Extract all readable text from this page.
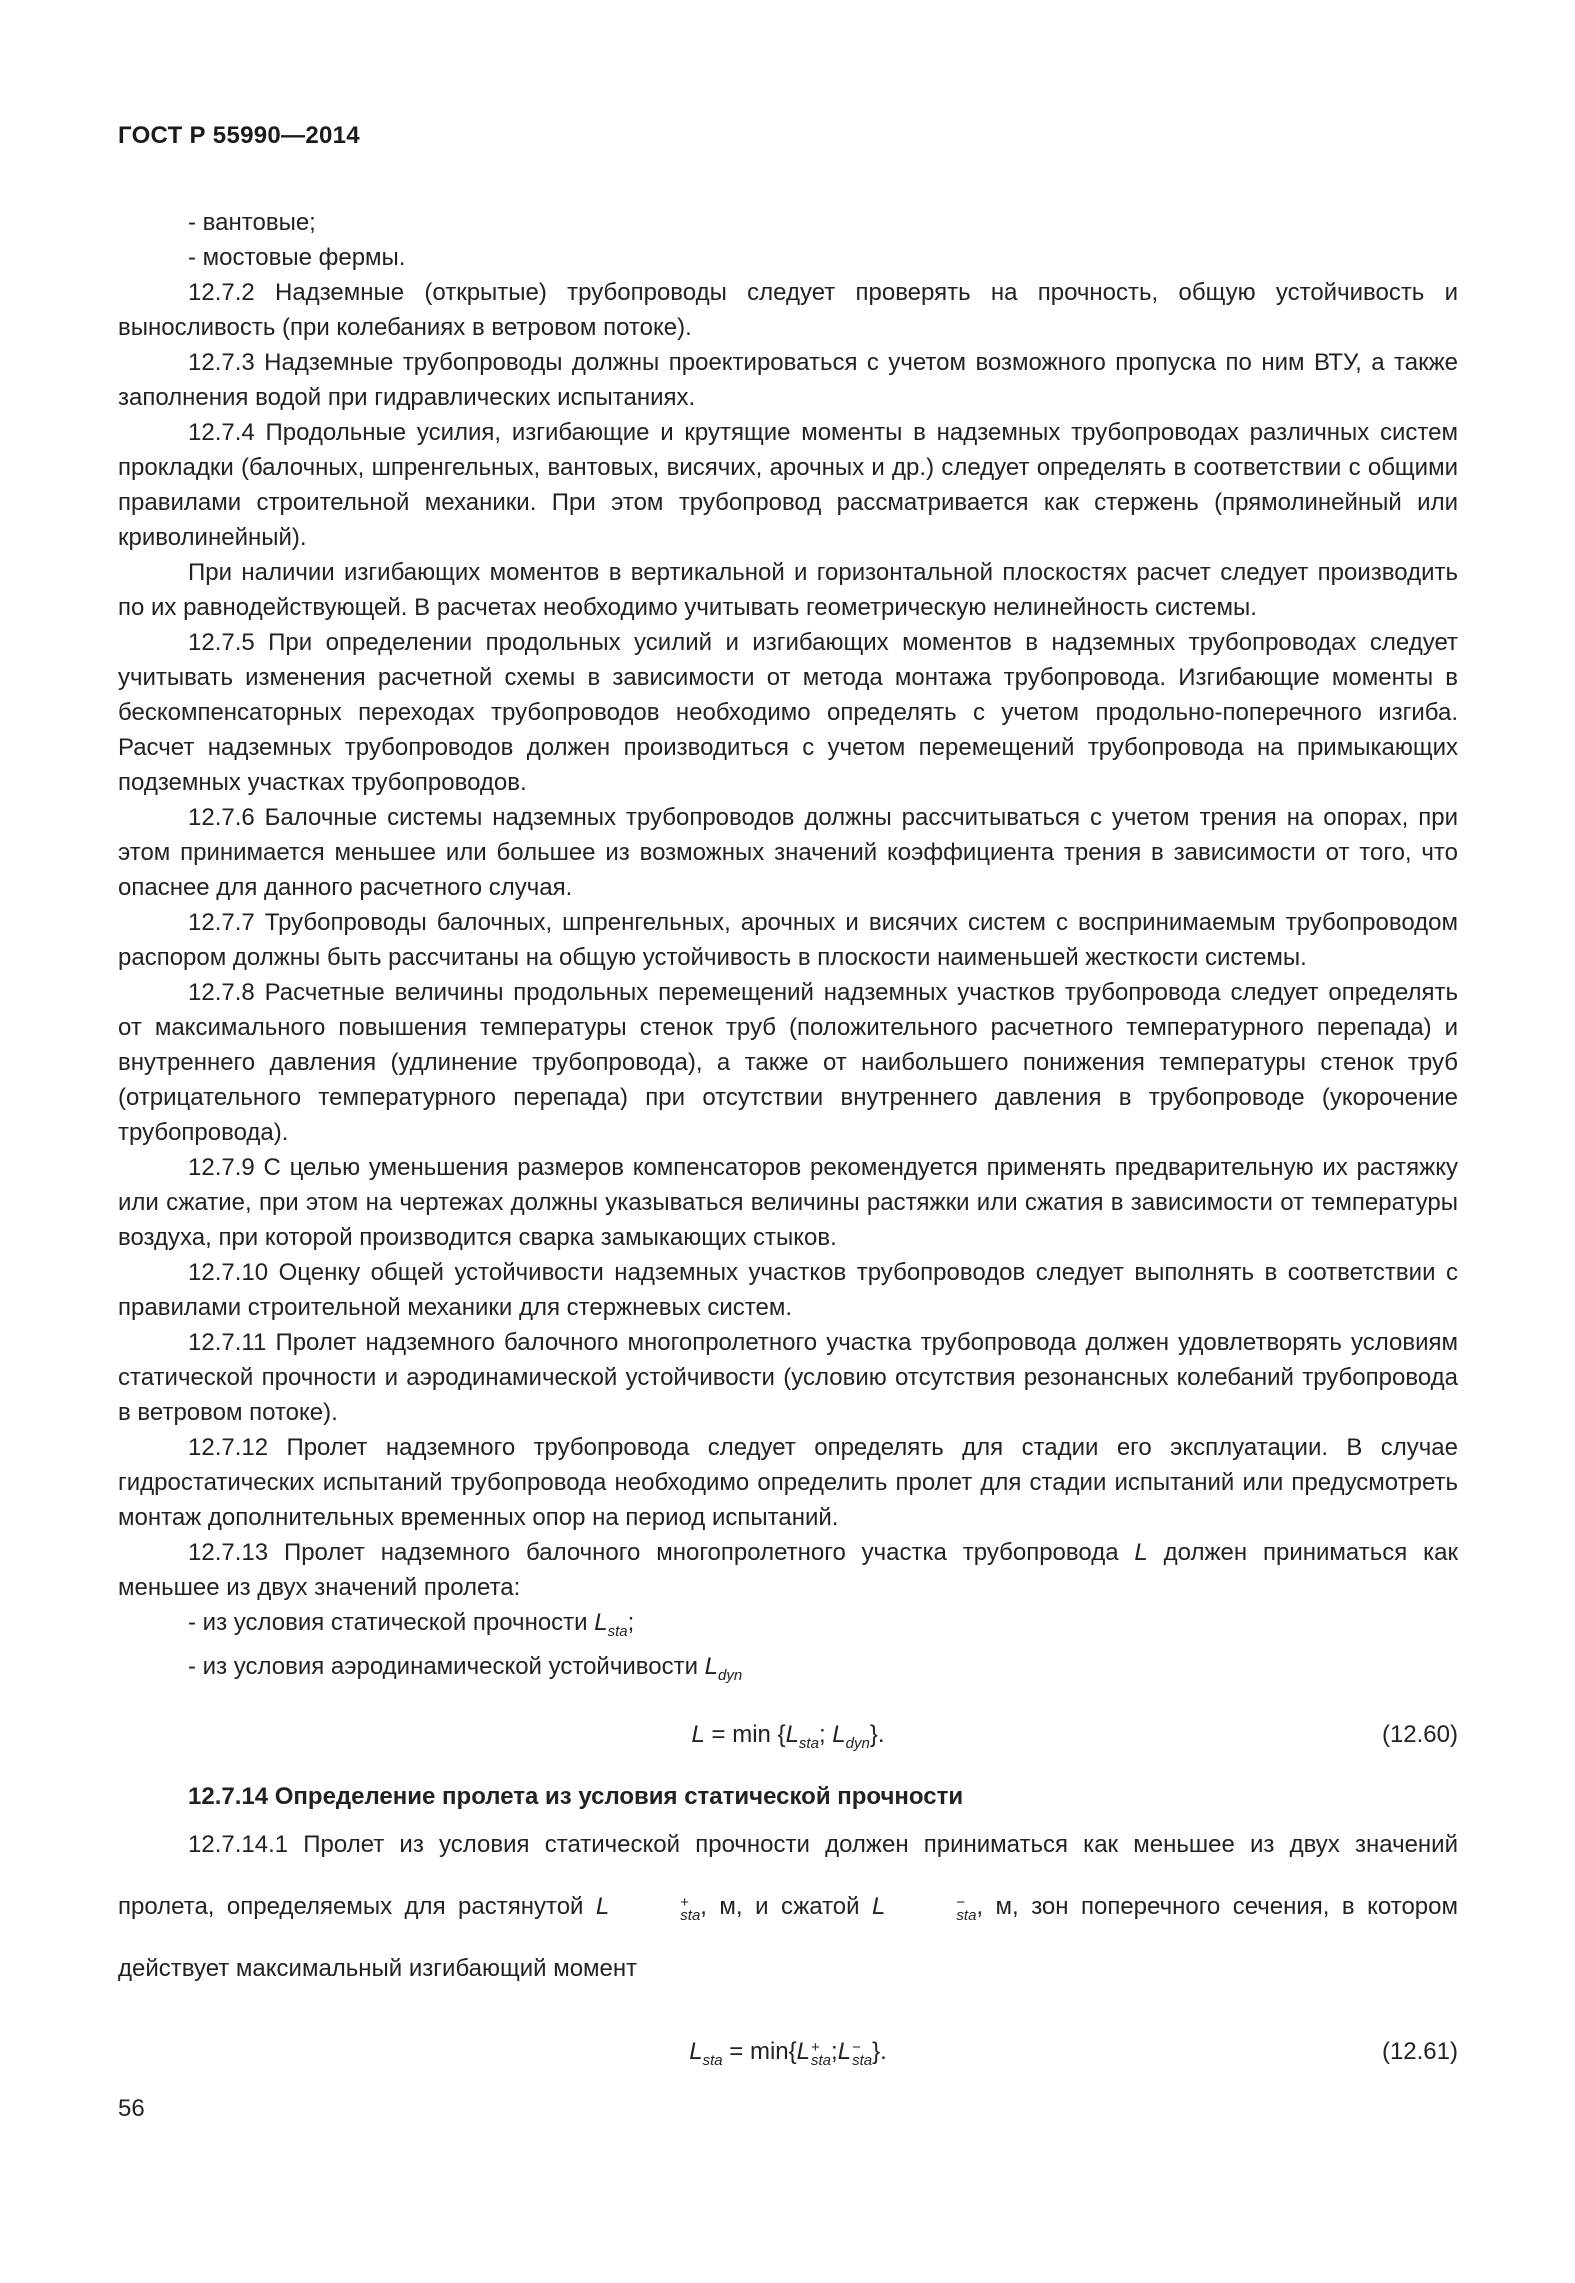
ГОСТ Р 55990—2014
- вантовые;
- мостовые фермы.

12.7.2 Надземные (открытые) трубопроводы следует проверять на прочность, общую устойчивость и выносливость (при колебаниях в ветровом потоке).

12.7.3 Надземные трубопроводы должны проектироваться с учетом возможного пропуска по ним ВТУ, а также заполнения водой при гидравлических испытаниях.

12.7.4 Продольные усилия, изгибающие и крутящие моменты в надземных трубопроводах различных систем прокладки (балочных, шпренгельных, вантовых, висячих, арочных и др.) следует определять в соответствии с общими правилами строительной механики. При этом трубопровод рассматривается как стержень (прямолинейный или криволинейный).

При наличии изгибающих моментов в вертикальной и горизонтальной плоскостях расчет следует производить по их равнодействующей. В расчетах необходимо учитывать геометрическую нелинейность системы.

12.7.5 При определении продольных усилий и изгибающих моментов в надземных трубопроводах следует учитывать изменения расчетной схемы в зависимости от метода монтажа трубопровода. Изгибающие моменты в бескомпенсаторных переходах трубопроводов необходимо определять с учетом продольно-поперечного изгиба. Расчет надземных трубопроводов должен производиться с учетом перемещений трубопровода на примыкающих подземных участках трубопроводов.

12.7.6 Балочные системы надземных трубопроводов должны рассчитываться с учетом трения на опорах, при этом принимается меньшее или большее из возможных значений коэффициента трения в зависимости от того, что опаснее для данного расчетного случая.

12.7.7 Трубопроводы балочных, шпренгельных, арочных и висячих систем с воспринимаемым трубопроводом распором должны быть рассчитаны на общую устойчивость в плоскости наименьшей жесткости системы.

12.7.8 Расчетные величины продольных перемещений надземных участков трубопровода следует определять от максимального повышения температуры стенок труб (положительного расчетного температурного перепада) и внутреннего давления (удлинение трубопровода), а также от наибольшего понижения температуры стенок труб (отрицательного температурного перепада) при отсутствии внутреннего давления в трубопроводе (укорочение трубопровода).

12.7.9 С целью уменьшения размеров компенсаторов рекомендуется применять предварительную их растяжку или сжатие, при этом на чертежах должны указываться величины растяжки или сжатия в зависимости от температуры воздуха, при которой производится сварка замыкающих стыков.

12.7.10 Оценку общей устойчивости надземных участков трубопроводов следует выполнять в соответствии с правилами строительной механики для стержневых систем.

12.7.11 Пролет надземного балочного многопролетного участка трубопровода должен удовлетворять условиям статической прочности и аэродинамической устойчивости (условию отсутствия резонансных колебаний трубопровода в ветровом потоке).

12.7.12 Пролет надземного трубопровода следует определять для стадии его эксплуатации. В случае гидростатических испытаний трубопровода необходимо определить пролет для стадии испытаний или предусмотреть монтаж дополнительных временных опор на период испытаний.

12.7.13 Пролет надземного балочного многопролетного участка трубопровода L должен приниматься как меньшее из двух значений пролета:

- из условия статической прочности $L_{sta}$;
- из условия аэродинамической устойчивости $L_{dyn}$
$L = \min \{L_{sta}$; $L_{dyn}$}.	(12.60)

12.7.14 Определение пролета из условия статической прочности

12.7.14.1 Пролет из условия статической прочности должен приниматься как меньшее из двух значений пролета, определяемых для растянутой L	+
sta , м, и сжатой L	−
sta , м, зон поперечного сечения, в котором действует максимальный изгибающий момент

$L_{sta} = \min\{L$ +
sta ;L −
sta }.	(12.61)
56
